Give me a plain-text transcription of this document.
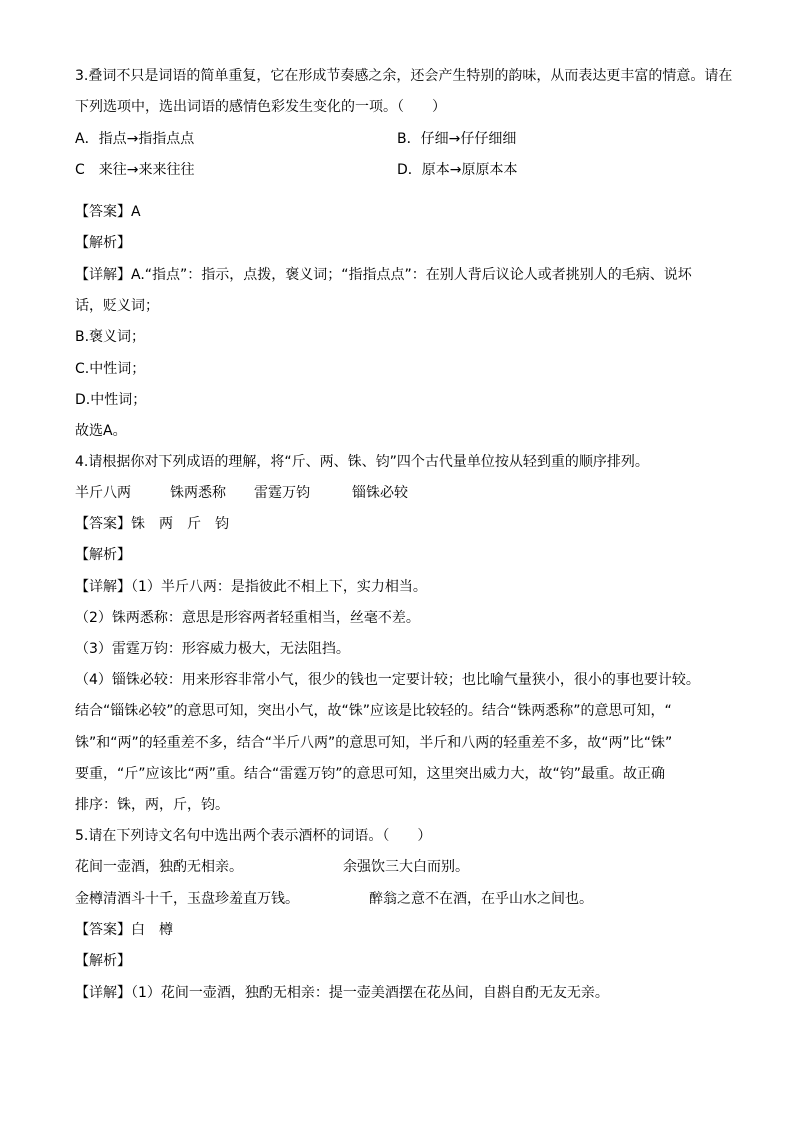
3.叠词不只是词语的简单重复，它在形成节奏感之余，还会产生特别的韵味，从而表达更丰富的情意。请在
下列选项中，选出词语的感情色彩发生变化的一项。（　　）
A．指点→指指点点	B．仔细→仔仔细细
C　来往→来来往往	D．原本→原原本本
【答案】A
【解析】
【详解】A.“指点”：指示，点拨，褒义词；“指指点点”：在别人背后议论人或者挑别人的毛病、说坏
话，贬义词；
B.褒义词；
C.中性词；
D.中性词；
故选A。
4.请根据你对下列成语的理解，将“斤、两、铢、钧”四个古代量单位按从轻到重的顺序排列。
半斤八两	铢两悉称 雷霆万钧	锱铢必较
【答案】铢　两　斤　钧
【解析】
【详解】（1）半斤八两：是指彼此不相上下，实力相当。
（2）铢两悉称：意思是形容两者轻重相当，丝毫不差。
（3）雷霆万钧：形容威力极大，无法阻挡。
（4）锱铢必较：用来形容非常小气，很少的钱也一定要计较；也比喻气量狭小，很小的事也要计较。
结合“锱铢必较”的意思可知，突出小气，故“铢”应该是比较轻的。结合“铢两悉称”的意思可知，“
铢”和“两”的轻重差不多，结合“半斤八两”的意思可知，半斤和八两的轻重差不多，故“两”比“铢”
要重，“斤”应该比“两”重。结合“雷霆万钧”的意思可知，这里突出威力大，故“钧”最重。故正确
排序：铢，两，斤，钧。
5.请在下列诗文名句中选出两个表示酒杯的词语。（　　）
花间一壶酒，独酌无相亲。	余强饮三大白而别。
金樽清酒斗十千，玉盘珍羞直万钱。	醉翁之意不在酒，在乎山水之间也。
【答案】白　樽
【解析】
【详解】（1）花间一壶酒，独酌无相亲：提一壶美酒摆在花丛间，自斟自酌无友无亲。
